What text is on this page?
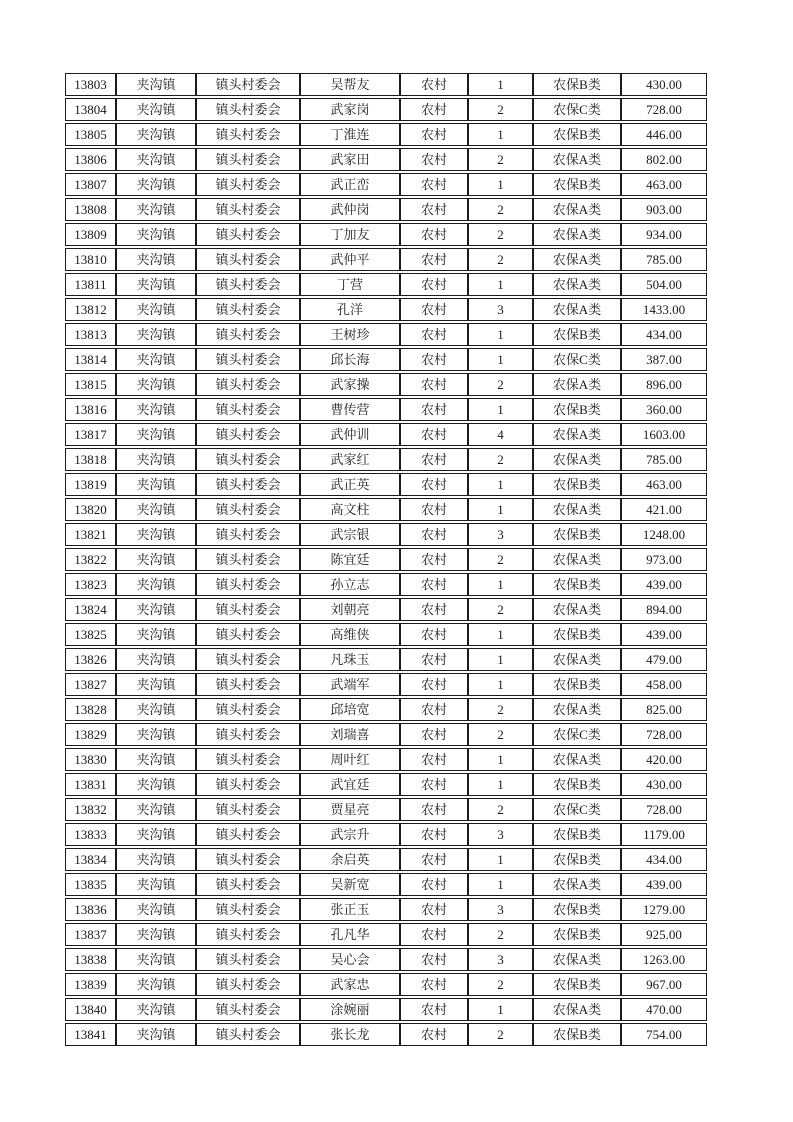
13803	夹沟镇	镇头村委会	吴帮友	农村	1	农保B类	430.00
13804	夹沟镇	镇头村委会	武家岗	农村	2	农保C类	728.00
13805	夹沟镇	镇头村委会	丁淮连	农村	1	农保B类	446.00
13806	夹沟镇	镇头村委会	武家田	农村	2	农保A类	802.00
13807	夹沟镇	镇头村委会	武正峦	农村	1	农保B类	463.00
13808	夹沟镇	镇头村委会	武仲岗	农村	2	农保A类	903.00
13809	夹沟镇	镇头村委会	丁加友	农村	2	农保A类	934.00
13810	夹沟镇	镇头村委会	武仲平	农村	2	农保A类	785.00
13811	夹沟镇	镇头村委会	丁营	农村	1	农保A类	504.00
13812	夹沟镇	镇头村委会	孔洋	农村	3	农保A类	1433.00
13813	夹沟镇	镇头村委会	王树珍	农村	1	农保B类	434.00
13814	夹沟镇	镇头村委会	邱长海	农村	1	农保C类	387.00
13815	夹沟镇	镇头村委会	武家操	农村	2	农保A类	896.00
13816	夹沟镇	镇头村委会	曹传营	农村	1	农保B类	360.00
13817	夹沟镇	镇头村委会	武仲训	农村	4	农保A类	1603.00
13818	夹沟镇	镇头村委会	武家红	农村	2	农保A类	785.00
13819	夹沟镇	镇头村委会	武正英	农村	1	农保B类	463.00
13820	夹沟镇	镇头村委会	高文柱	农村	1	农保A类	421.00
13821	夹沟镇	镇头村委会	武宗银	农村	3	农保B类	1248.00
13822	夹沟镇	镇头村委会	陈宜廷	农村	2	农保A类	973.00
13823	夹沟镇	镇头村委会	孙立志	农村	1	农保B类	439.00
13824	夹沟镇	镇头村委会	刘朝亮	农村	2	农保A类	894.00
13825	夹沟镇	镇头村委会	高维侠	农村	1	农保B类	439.00
13826	夹沟镇	镇头村委会	凡珠玉	农村	1	农保A类	479.00
13827	夹沟镇	镇头村委会	武端军	农村	1	农保B类	458.00
13828	夹沟镇	镇头村委会	邱培宽	农村	2	农保A类	825.00
13829	夹沟镇	镇头村委会	刘瑞喜	农村	2	农保C类	728.00
13830	夹沟镇	镇头村委会	周叶红	农村	1	农保A类	420.00
13831	夹沟镇	镇头村委会	武宜廷	农村	1	农保B类	430.00
13832	夹沟镇	镇头村委会	贾星亮	农村	2	农保C类	728.00
13833	夹沟镇	镇头村委会	武宗升	农村	3	农保B类	1179.00
13834	夹沟镇	镇头村委会	余启英	农村	1	农保B类	434.00
13835	夹沟镇	镇头村委会	吴新宽	农村	1	农保A类	439.00
13836	夹沟镇	镇头村委会	张正玉	农村	3	农保B类	1279.00
13837	夹沟镇	镇头村委会	孔凡华	农村	2	农保B类	925.00
13838	夹沟镇	镇头村委会	吴心会	农村	3	农保A类	1263.00
13839	夹沟镇	镇头村委会	武家忠	农村	2	农保B类	967.00
13840	夹沟镇	镇头村委会	涂婉丽	农村	1	农保A类	470.00
13841	夹沟镇	镇头村委会	张长龙	农村	2	农保B类	754.00
